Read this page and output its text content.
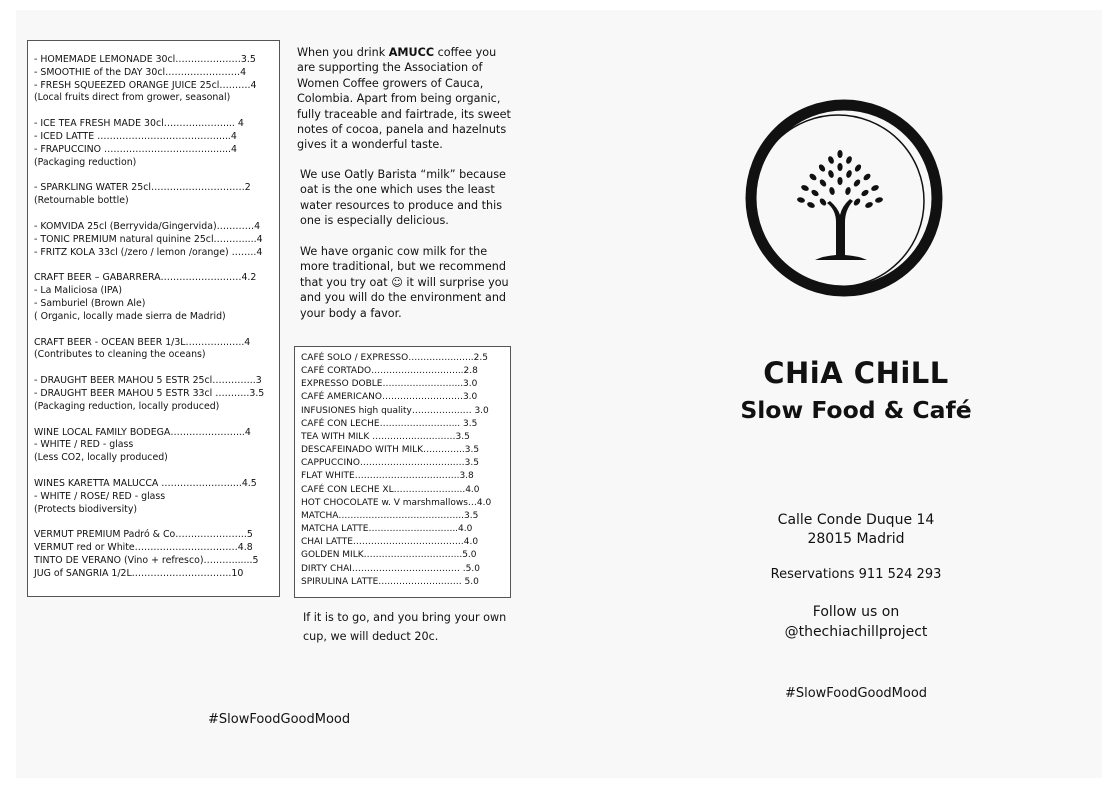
- HOMEMADE LEMONADE 30cl…………………3.5
- SMOOTHIE of the DAY 30cl……………………4
- FRESH SQUEEZED ORANGE JUICE 25cl……….4
(Local fruits direct from grower, seasonal)
- ICE TEA FRESH MADE 30cl………….…….... 4
- ICED LATTE …………………………………....4
- FRAPUCCINO ……………………………........4
(Packaging reduction)
- SPARKLING WATER 25cl…………………………2
(Retournable bottle)
- KOMVIDA 25cl (Berryvida/Gingervida)…………4
- TONIC PREMIUM natural quinine 25cl……….....4
- FRITZ KOLA 33cl (/zero / lemon /orange) ……..4
CRAFT BEER – GABARRERA………………..……4.2
- La Maliciosa (IPA)
- Samburiel (Brown Ale)
( Organic, locally made sierra de Madrid)
CRAFT BEER - OCEAN BEER 1/3L…………..…..4
(Contributes to cleaning the oceans)
- DRAUGHT BEER MAHOU 5 ESTR 25cl…………..3
- DRAUGHT BEER MAHOU 5 ESTR 33cl ………..3.5
(Packaging reduction, locally produced)
WINE LOCAL FAMILY BODEGA…………………...4
- WHITE / RED - glass
(Less CO2, locally produced)
WINES KARETTA MALUCCA ………….………....4.5
- WHITE / ROSE/ RED - glass
(Protects biodiversity)
VERMUT PREMIUM Padró & Co…………………..5
VERMUT red or White……………………………4.8
TINTO DE VERANO (Vino + refresco)……….......5
JUG of SANGRIA 1/2L…………………………..10
When you drink AMUCC coffee you are supporting the Association of Women Coffee growers of Cauca, Colombia. Apart from being organic, fully traceable and fairtrade, its sweet notes of cocoa, panela and hazelnuts gives it a wonderful taste.
We use Oatly Barista “milk” because oat is the one which uses the least water resources to produce and this one is especially delicious.
We have organic cow milk for the more traditional, but we recommend that you try oat ☺ it will surprise you and you will do the environment and your body a favor.
CAFÉ SOLO / EXPRESSO……………..…..2.5
CAFÉ CORTADO…………………….…...2.8
EXPRESSO DOBLE……………………...3.0
CAFÉ AMERICANO………………………3.0
INFUSIONES high quality……………..… 3.0
CAFÉ CON LECHE……………………... 3.5
TEA WITH MILK …….…….……..……3.5
DESCAFEINADO WITH MILK…………..3.5
CAPPUCCINO…………………………..…3.5
FLAT WHITE……………………………..3.8
CAFÉ CON LECHE XL…………………...4.0
HOT CHOCOLATE w. V marshmallows…4.0
MATCHA…………………………………...3.5
MATCHA LATTE………………………...4.0
CHAI LATTE……………………………….4.0
GOLDEN MILK…………………………...5.0
DIRTY CHAI……………………………… .5.0
SPIRULINA LATTE…..……………..…… 5.0
If it is to go, and you bring your own cup, we will deduct 20c.
#SlowFoodGoodMood
CHiA CHiLL
Slow Food & Café
Calle Conde Duque 14
28015 Madrid
Reservations 911 524 293
Follow us on
@thechiachillproject
#SlowFoodGoodMood
